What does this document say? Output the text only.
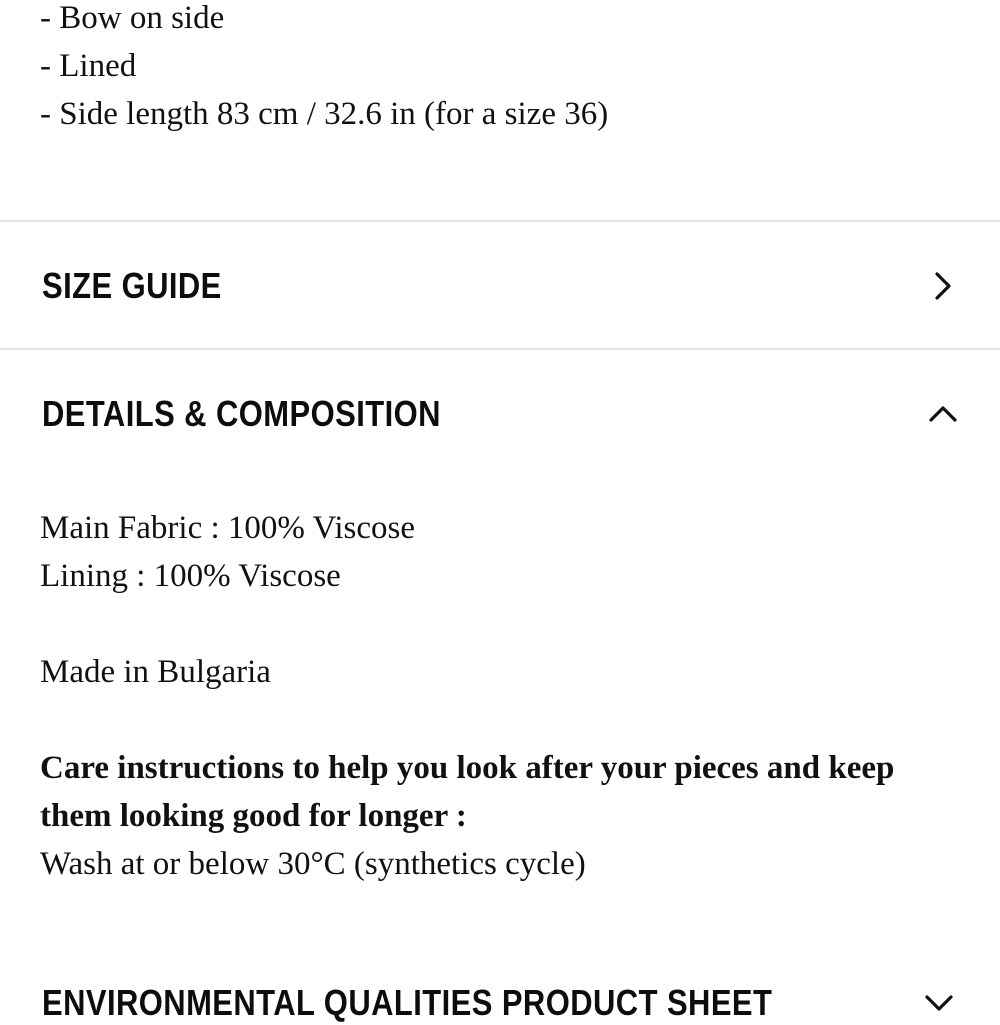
- Bow on side
- Lined
- Side length 83 cm / 32.6 in (for a size 36)
SIZE GUIDE
DETAILS & COMPOSITION

Main Fabric : 100% Viscose

Lining : 100% Viscose

Made in Bulgaria

Care instructions to help you look after your pieces and keep them looking good for longer :

Wash at or below 30°C (synthetics cycle)

ENVIRONMENTAL QUALITIES PRODUCT SHEET
